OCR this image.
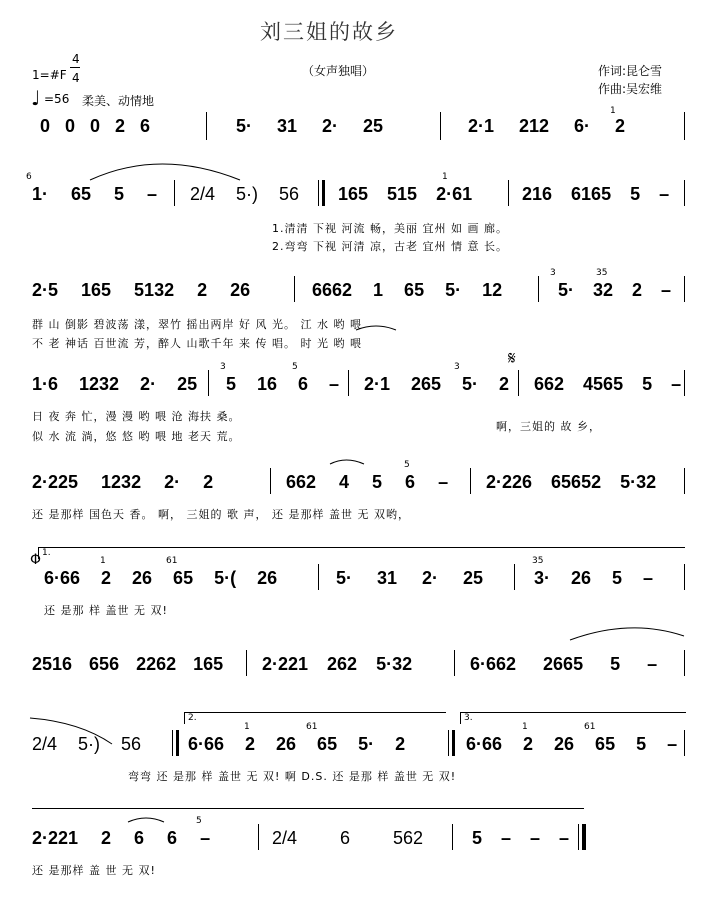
刘三姐的故乡
（女声独唱）
1=#F
4
4
♩ =56 柔美、动情地
作词:昆仑雪
作曲:吴宏维
0 0 0 2 6	5· 31 2· 25	2·1 212 6· 2
1
6
1· 65 5 – 2/4 5·) 56 165 515 2·61
1
216 6165 5 –
1.清清 下视 河流 畅，美丽 宜州 如 画 廊。
2.弯弯 下视 河清 凉，古老 宜州 情 意 长。
2·5 165 5132 2 26	6662 1 65 5· 12
3
5· 32 2 –
35
群 山 倒影 碧波荡 漾，翠竹 摇出两岸 好 风 光。 江 水 哟 喂
不 老 神话 百世流 芳，醉人 山歌千年 来 传 唱。 时 光 哟 喂
1·6 1232 2· 25
3
5 16 6 –
5
2·1 265 5· 2
3	𝄋
662 4565 5 –
日 夜 奔 忙，漫 漫 哟 喂 沧 海扶 桑。
似 水 流 淌，悠 悠 哟 喂 地 老天 荒。
啊，三姐的 故 乡，
2·225 1232 2· 2	662 4 5 6 –
5
2·226 65652 5·32
还 是那样 国色天 香。 啊， 三姐的 歌 声， 还 是那样 盖世 无 双哟，
1.
Φ
6·66 2 26 65 5·( 26
1	61
5· 31 2· 25
35
3· 26 5 –
还 是那 样 盖世 无 双!
2516 656 2262 165 2·221 262 5·32	6·662 2665 5 –
2.	3.
2/4 5·) 56	6·66 2 26 65 5· 2
1	61
6·66 2 26 65 5 –
1	61
弯弯 还 是那 样 盖世 无 双! 啊 D.S. 还 是那 样 盖世 无 双!
2·221 2 6 6 –
5
2/4 6 562	5 – – –
还 是那样 盖 世 无 双!
